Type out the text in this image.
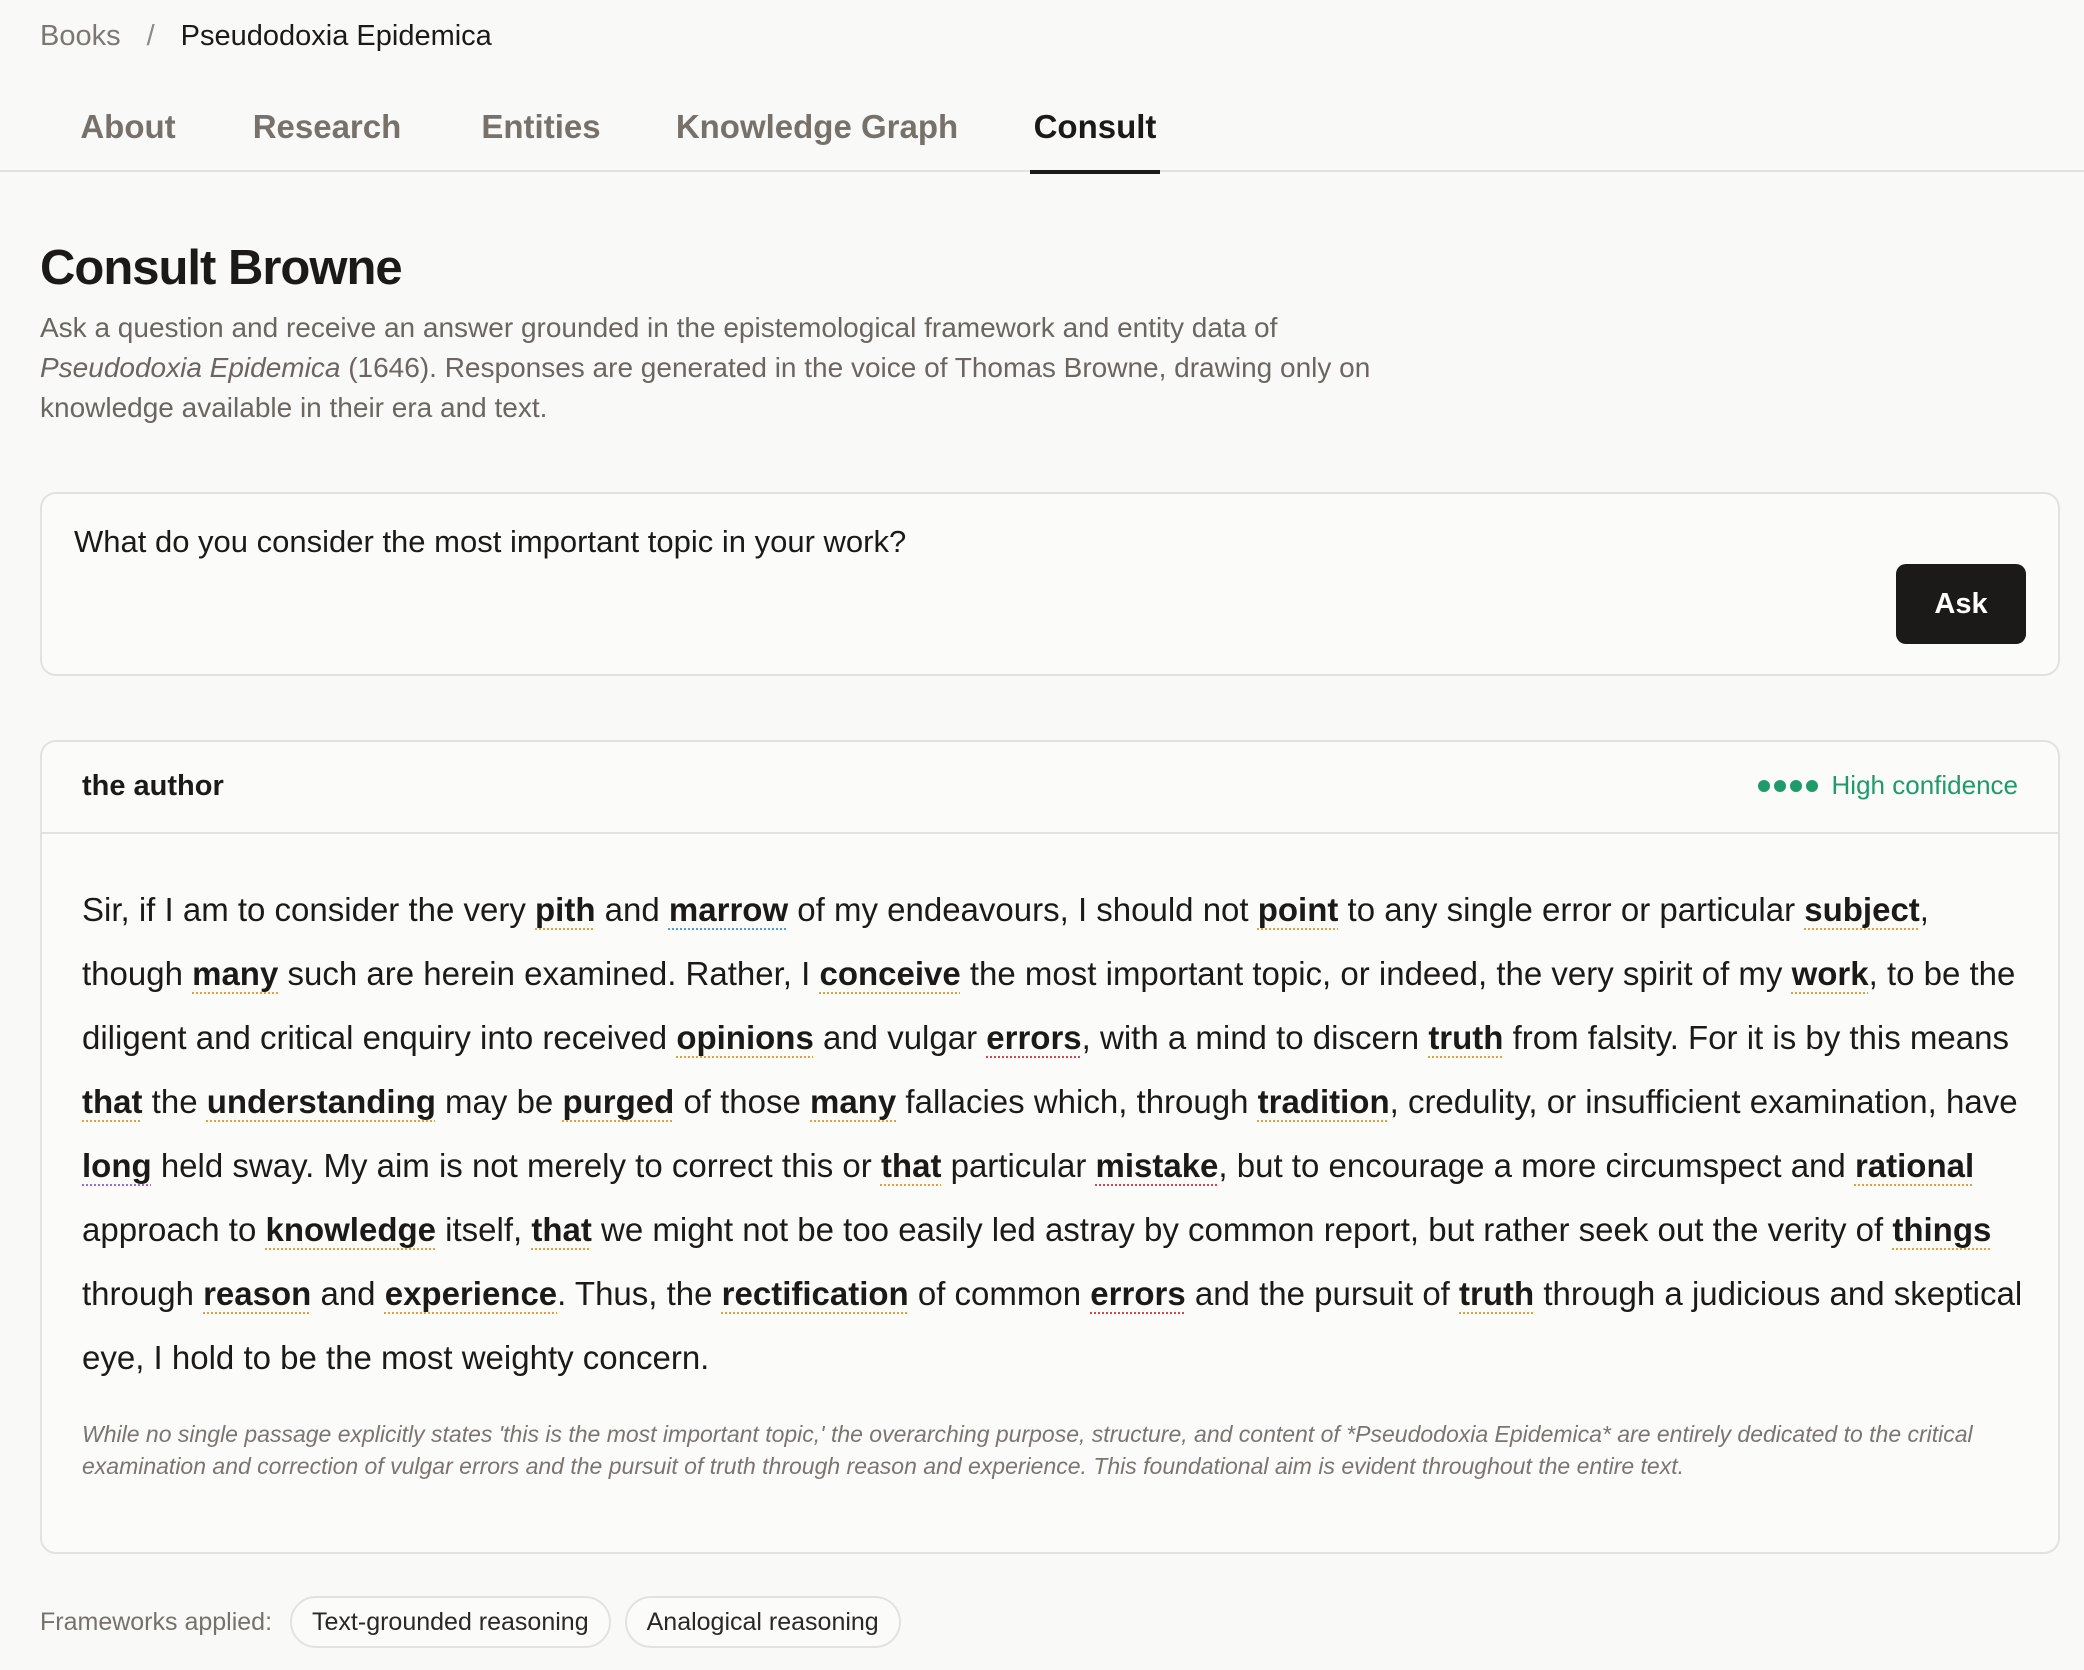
Books / Pseudodoxia Epidemica
About	Research Entities Knowledge Graph Consult
Consult Browne

Ask a question and receive an answer grounded in the epistemological framework and entity data of Pseudodoxia Epidemica (1646). Responses are generated in the voice of Thomas Browne, drawing only on knowledge available in their era and text.

What do you consider the most important topic in your work?
Ask
the author	High confidence
Sir, if I am to consider the very pith and marrow of my endeavours, I should not point to any single error or particular subject, though many such are herein examined. Rather, I conceive the most important topic, or indeed, the very spirit of my work, to be the diligent and critical enquiry into received opinions and vulgar errors, with a mind to discern truth from falsity. For it is by this means that the understanding may be purged of those many fallacies which, through tradition, credulity, or insufficient examination, have long held sway. My aim is not merely to correct this or that particular mistake, but to encourage a more circumspect and rational approach to knowledge itself, that we might not be too easily led astray by common report, but rather seek out the verity of things through reason and experience. Thus, the rectification of common errors and the pursuit of truth through a judicious and skeptical eye, I hold to be the most weighty concern.
While no single passage explicitly states 'this is the most important topic,' the overarching purpose, structure, and content of *Pseudodoxia Epidemica* are entirely dedicated to the critical examination and correction of vulgar errors and the pursuit of truth through reason and experience. This foundational aim is evident throughout the entire text.
Frameworks applied:	Text-grounded reasoning	Analogical reasoning
